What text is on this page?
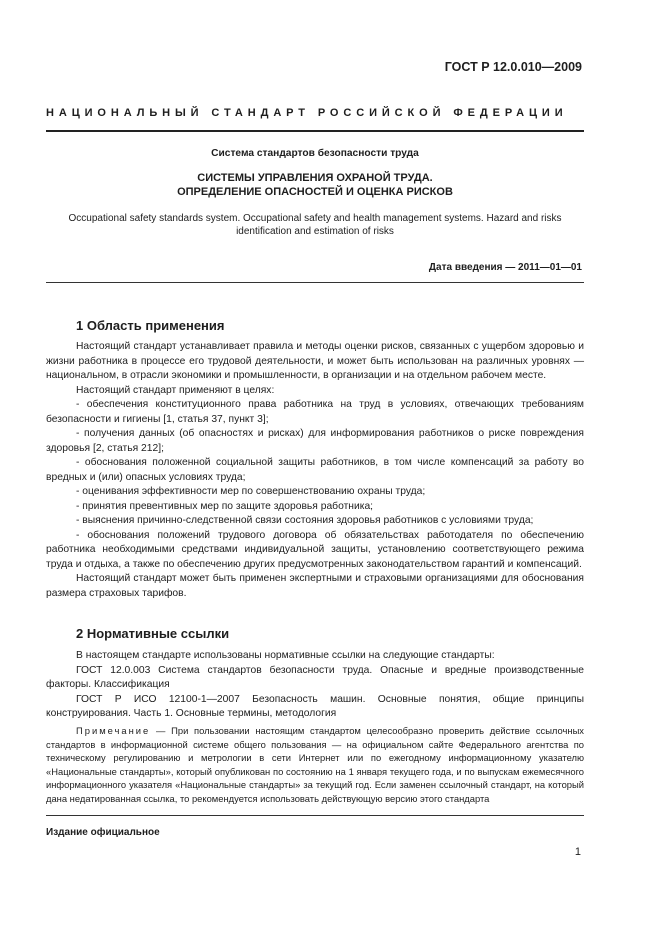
ГОСТ Р 12.0.010—2009
НАЦИОНАЛЬНЫЙ СТАНДАРТ РОССИЙСКОЙ ФЕДЕРАЦИИ
Система стандартов безопасности труда
СИСТЕМЫ УПРАВЛЕНИЯ ОХРАНОЙ ТРУДА.
ОПРЕДЕЛЕНИЕ ОПАСНОСТЕЙ И ОЦЕНКА РИСКОВ
Occupational safety standards system. Occupational safety and health management systems. Hazard and risks
identification and estimation of risks
Дата введения — 2011—01—01
1 Область применения

Настоящий стандарт устанавливает правила и методы оценки рисков, связанных с ущербом здоровью и жизни работника в процессе его трудовой деятельности, и может быть использован на различных уровнях — национальном, в отрасли экономики и промышленности, в организации и на отдельном рабочем месте.

Настоящий стандарт применяют в целях:

- обеспечения конституционного права работника на труд в условиях, отвечающих требованиям безопасности и гигиены [1, статья 37, пункт 3];

- получения данных (об опасностях и рисках) для информирования работников о риске повреждения здоровья [2, статья 212];

- обоснования положенной социальной защиты работников, в том числе компенсаций за работу во вредных и (или) опасных условиях труда;

- оценивания эффективности мер по совершенствованию охраны труда;

- принятия превентивных мер по защите здоровья работника;

- выяснения причинно-следственной связи состояния здоровья работников с условиями труда;

- обоснования положений трудового договора об обязательствах работодателя по обеспечению работника необходимыми средствами индивидуальной защиты, установлению соответствующего режима труда и отдыха, а также по обеспечению других предусмотренных законодательством гарантий и компенсаций.

Настоящий стандарт может быть применен экспертными и страховыми организациями для обоснования размера страховых тарифов.

2 Нормативные ссылки

В настоящем стандарте использованы нормативные ссылки на следующие стандарты:

ГОСТ 12.0.003 Система стандартов безопасности труда. Опасные и вредные производственные факторы. Классификация

ГОСТ Р ИСО 12100-1—2007 Безопасность машин. Основные понятия, общие принципы конструирования. Часть 1. Основные термины, методология

Примечание — При пользовании настоящим стандартом целесообразно проверить действие ссылочных стандартов в информационной системе общего пользования — на официальном сайте Федерального агентства по техническому регулированию и метрологии в сети Интернет или по ежегодному информационному указателю «Национальные стандарты», который опубликован по состоянию на 1 января текущего года, и по выпускам ежемесячного информационного указателя «Национальные стандарты» за текущий год. Если заменен ссылочный стандарт, на который дана недатированная ссылка, то рекомендуется использовать действующую версию этого стандарта
Издание официальное
1
